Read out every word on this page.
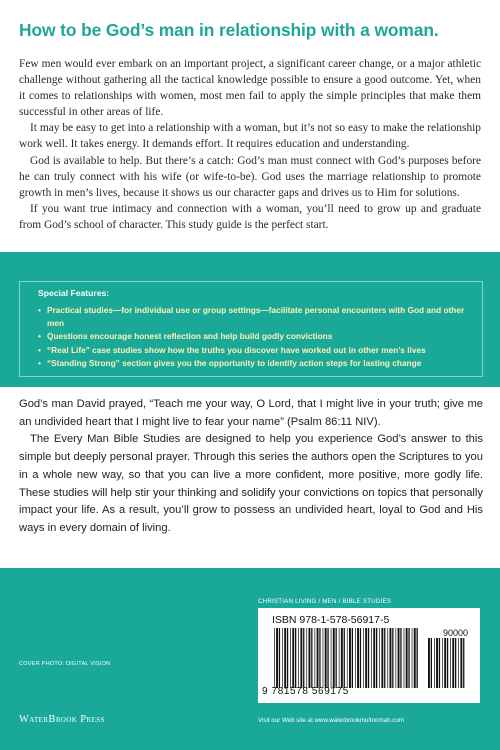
How to be God’s man in relationship with a woman.

Few men would ever embark on an important project, a significant career change, or a major athletic challenge without gathering all the tactical knowledge possible to ensure a good outcome. Yet, when it comes to relationships with women, most men fail to apply the simple principles that make them successful in other areas of life.

It may be easy to get into a relationship with a woman, but it’s not so easy to make the relationship work well. It takes energy. It demands effort. It requires education and understanding.

God is available to help. But there’s a catch: God’s man must connect with God’s purposes before he can truly connect with his wife (or wife-to-be). God uses the marriage relationship to promote growth in men’s lives, because it shows us our character gaps and drives us to Him for solutions.

If you want true intimacy and connection with a woman, you’ll need to grow up and graduate from God’s school of character. This study guide is the perfect start.

Special Features:
• Practical studies—for individual use or group settings—facilitate personal encounters with God and other men
• Questions encourage honest reflection and help build godly convictions
• “Real Life” case studies show how the truths you discover have worked out in other men’s lives
• “Standing Strong” section gives you the opportunity to identify action steps for lasting change

God’s man David prayed, “Teach me your way, O Lord, that I might live in your truth; give me an undivided heart that I might live to fear your name” (Psalm 86:11 NIV).

The Every Man Bible Studies are designed to help you experience God’s answer to this simple but deeply personal prayer. Through this series the authors open the Scriptures to you in a whole new way, so that you can live a more confident, more positive, more godly life. These studies will help stir your thinking and solidify your convictions on topics that personally impact your life. As a result, you’ll grow to possess an undivided heart, loyal to God and His ways in every domain of living.

CHRISTIAN LIVING / MEN / BIBLE STUDIES
ISBN 978-1-578-56917-5
90000
9 781578 569175
COVER PHOTO: DIGITAL VISION
WaterBrook Press	Visit our Web site at www.waterbrookmultnomah.com
